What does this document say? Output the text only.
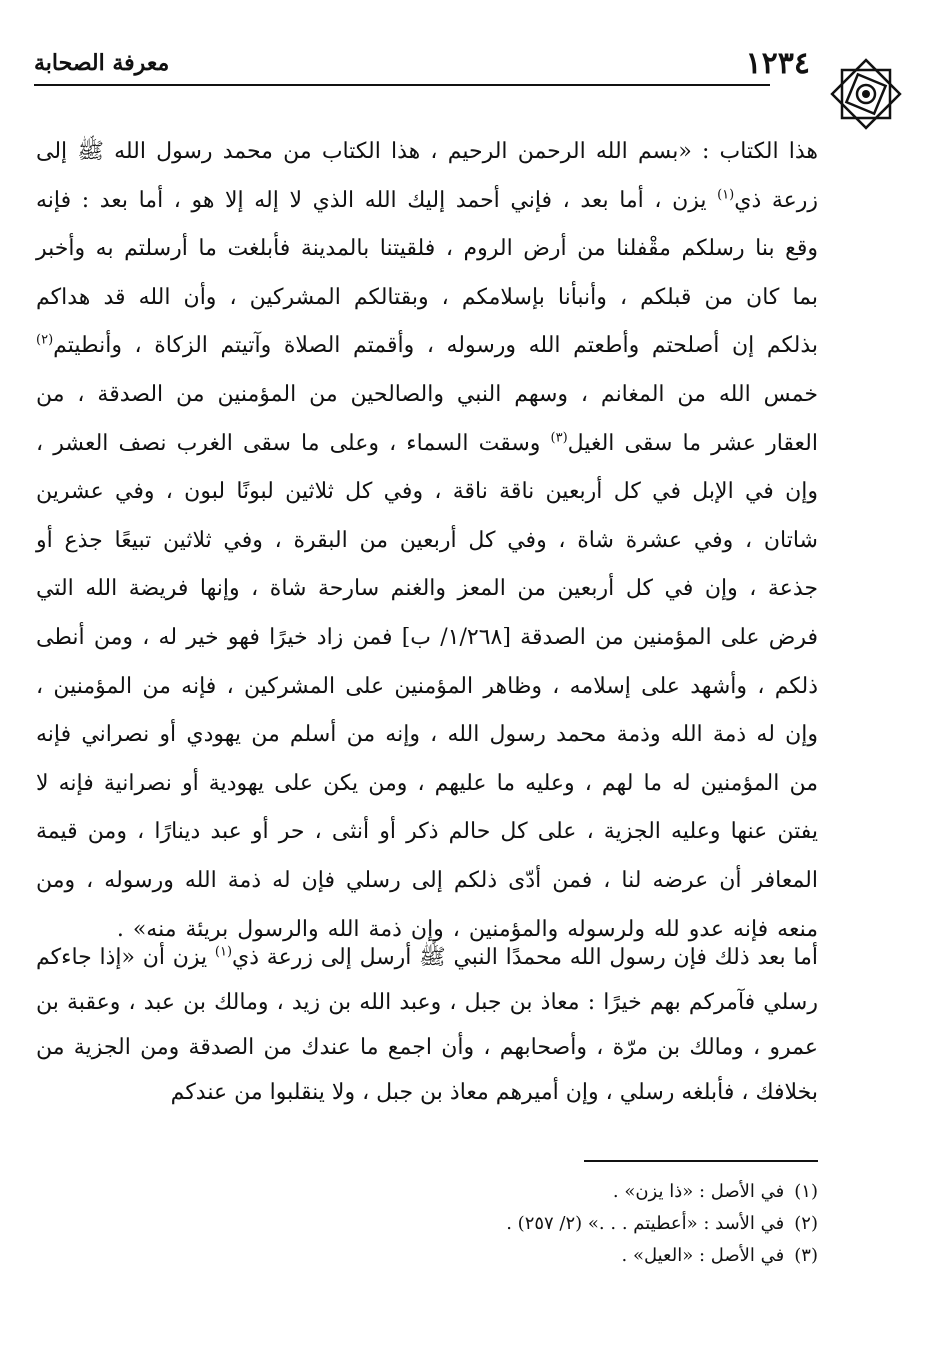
١٢٣٤
معرفة الصحابة

هذا الكتاب : «بسم الله الرحمن الرحيم ، هذا الكتاب من محمد رسول الله ﷺ إلى زرعة ذي$^{(١)}$ يزن ، أما بعد ، فإني أحمد إليك الله الذي لا إله إلا هو ، أما بعد : فإنه وقع بنا رسلكم مقْفلنا من أرض الروم ، فلقيتنا بالمدينة فأبلغت ما أرسلتم به وأخبر بما كان من قبلكم ، وأنبأنا بإسلامكم ، وبقتالكم المشركين ، وأن الله قد هداكم بذلكم إن أصلحتم وأطعتم الله ورسوله ، وأقمتم الصلاة وآتيتم الزكاة ، وأنطيتم$^{(٢)}$ خمس الله من المغانم ، وسهم النبي والصالحين من المؤمنين من الصدقة ، من العقار عشر ما سقى الغيل$^{(٣)}$ وسقت السماء ، وعلى ما سقى الغرب نصف العشر ، وإن في الإبل في كل أربعين ناقة ناقة ، وفي كل ثلاثين لبونًا لبون ، وفي عشرين شاتان ، وفي عشرة شاة ، وفي كل أربعين من البقرة ، وفي ثلاثين تبيعًا جذع أو جذعة ، وإن في كل أربعين من المعز والغنم سارحة شاة ، وإنها فريضة الله التي فرض على المؤمنين من الصدقة [١/٢٦٨/ ب] فمن زاد خيرًا فهو خير له ، ومن أنطى ذلكم ، وأشهد على إسلامه ، وظاهر المؤمنين على المشركين ، فإنه من المؤمنين ، وإن له ذمة الله وذمة محمد رسول الله ، وإنه من أسلم من يهودي أو نصراني فإنه من المؤمنين له ما لهم ، وعليه ما عليهم ، ومن يكن على يهودية أو نصرانية فإنه لا يفتن عنها وعليه الجزية ، على كل حالم ذكر أو أنثى ، حر أو عبد دينارًا ، ومن قيمة المعافر أن عرضه لنا ، فمن أدّى ذلكم إلى رسلي فإن له ذمة الله ورسوله ، ومن منعه فإنه عدو لله ولرسوله والمؤمنين ، وإن ذمة الله والرسول بريئة منه» .

أما بعد ذلك فإن رسول الله محمدًا النبي ﷺ أرسل إلى زرعة ذي$^{(١)}$ يزن أن «إذا جاءكم رسلي فآمركم بهم خيرًا : معاذ بن جبل ، وعبد الله بن زيد ، ومالك بن عبد ، وعقبة بن عمرو ، ومالك بن مرّة ، وأصحابهم ، وأن اجمع ما عندك من الصدقة ومن الجزية من بخلافك ، فأبلغه رسلي ، وإن أميرهم معاذ بن جبل ، ولا ينقلبوا من عندكم

(١)في الأصل : «ذا يزن» .

(٢)في الأسد : «أعطيتم . . .» (٢/ ٢٥٧) .

(٣)في الأصل : «العيل» .
